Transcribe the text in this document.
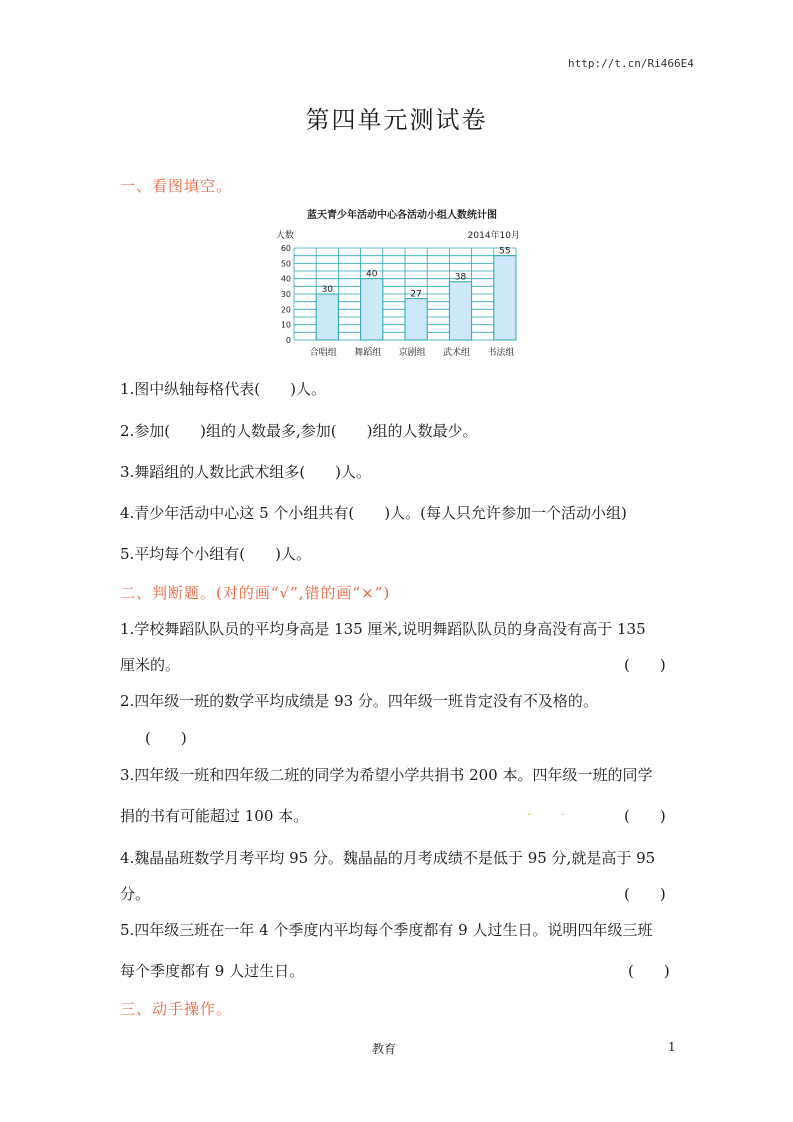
http://t.cn/Ri466E4
第四单元测试卷
一、看图填空。
蓝天青少年活动中心各活动小组人数统计图
人数	2014年10月
0
10
20
30
40
50
60
30
40
27
38
55
合唱组 舞蹈组 京剧组 武术组 书法组
1.图中纵轴每格代表(　　)人。
2.参加(　　)组的人数最多,参加(　　)组的人数最少。
3.舞蹈组的人数比武术组多(　　)人。
4.青少年活动中心这 5 个小组共有(　　)人。(每人只允许参加一个活动小组)
5.平均每个小组有(　　)人。
二、判断题。(对的画“√”,错的画“×”)
1.学校舞蹈队队员的平均身高是 135 厘米,说明舞蹈队队员的身高没有高于 135
厘米的。	(　　)
2.四年级一班的数学平均成绩是 93 分。四年级一班肯定没有不及格的。
(　　)
3.四年级一班和四年级二班的同学为希望小学共捐书 200 本。四年级一班的同学
捐的书有可能超过 100 本。	. .	(　　)
4.魏晶晶班数学月考平均 95 分。魏晶晶的月考成绩不是低于 95 分,就是高于 95
分。	(　　)
5.四年级三班在一年 4 个季度内平均每个季度都有 9 人过生日。说明四年级三班
每个季度都有 9 人过生日。	(　　)
三、动手操作。
教育	1
